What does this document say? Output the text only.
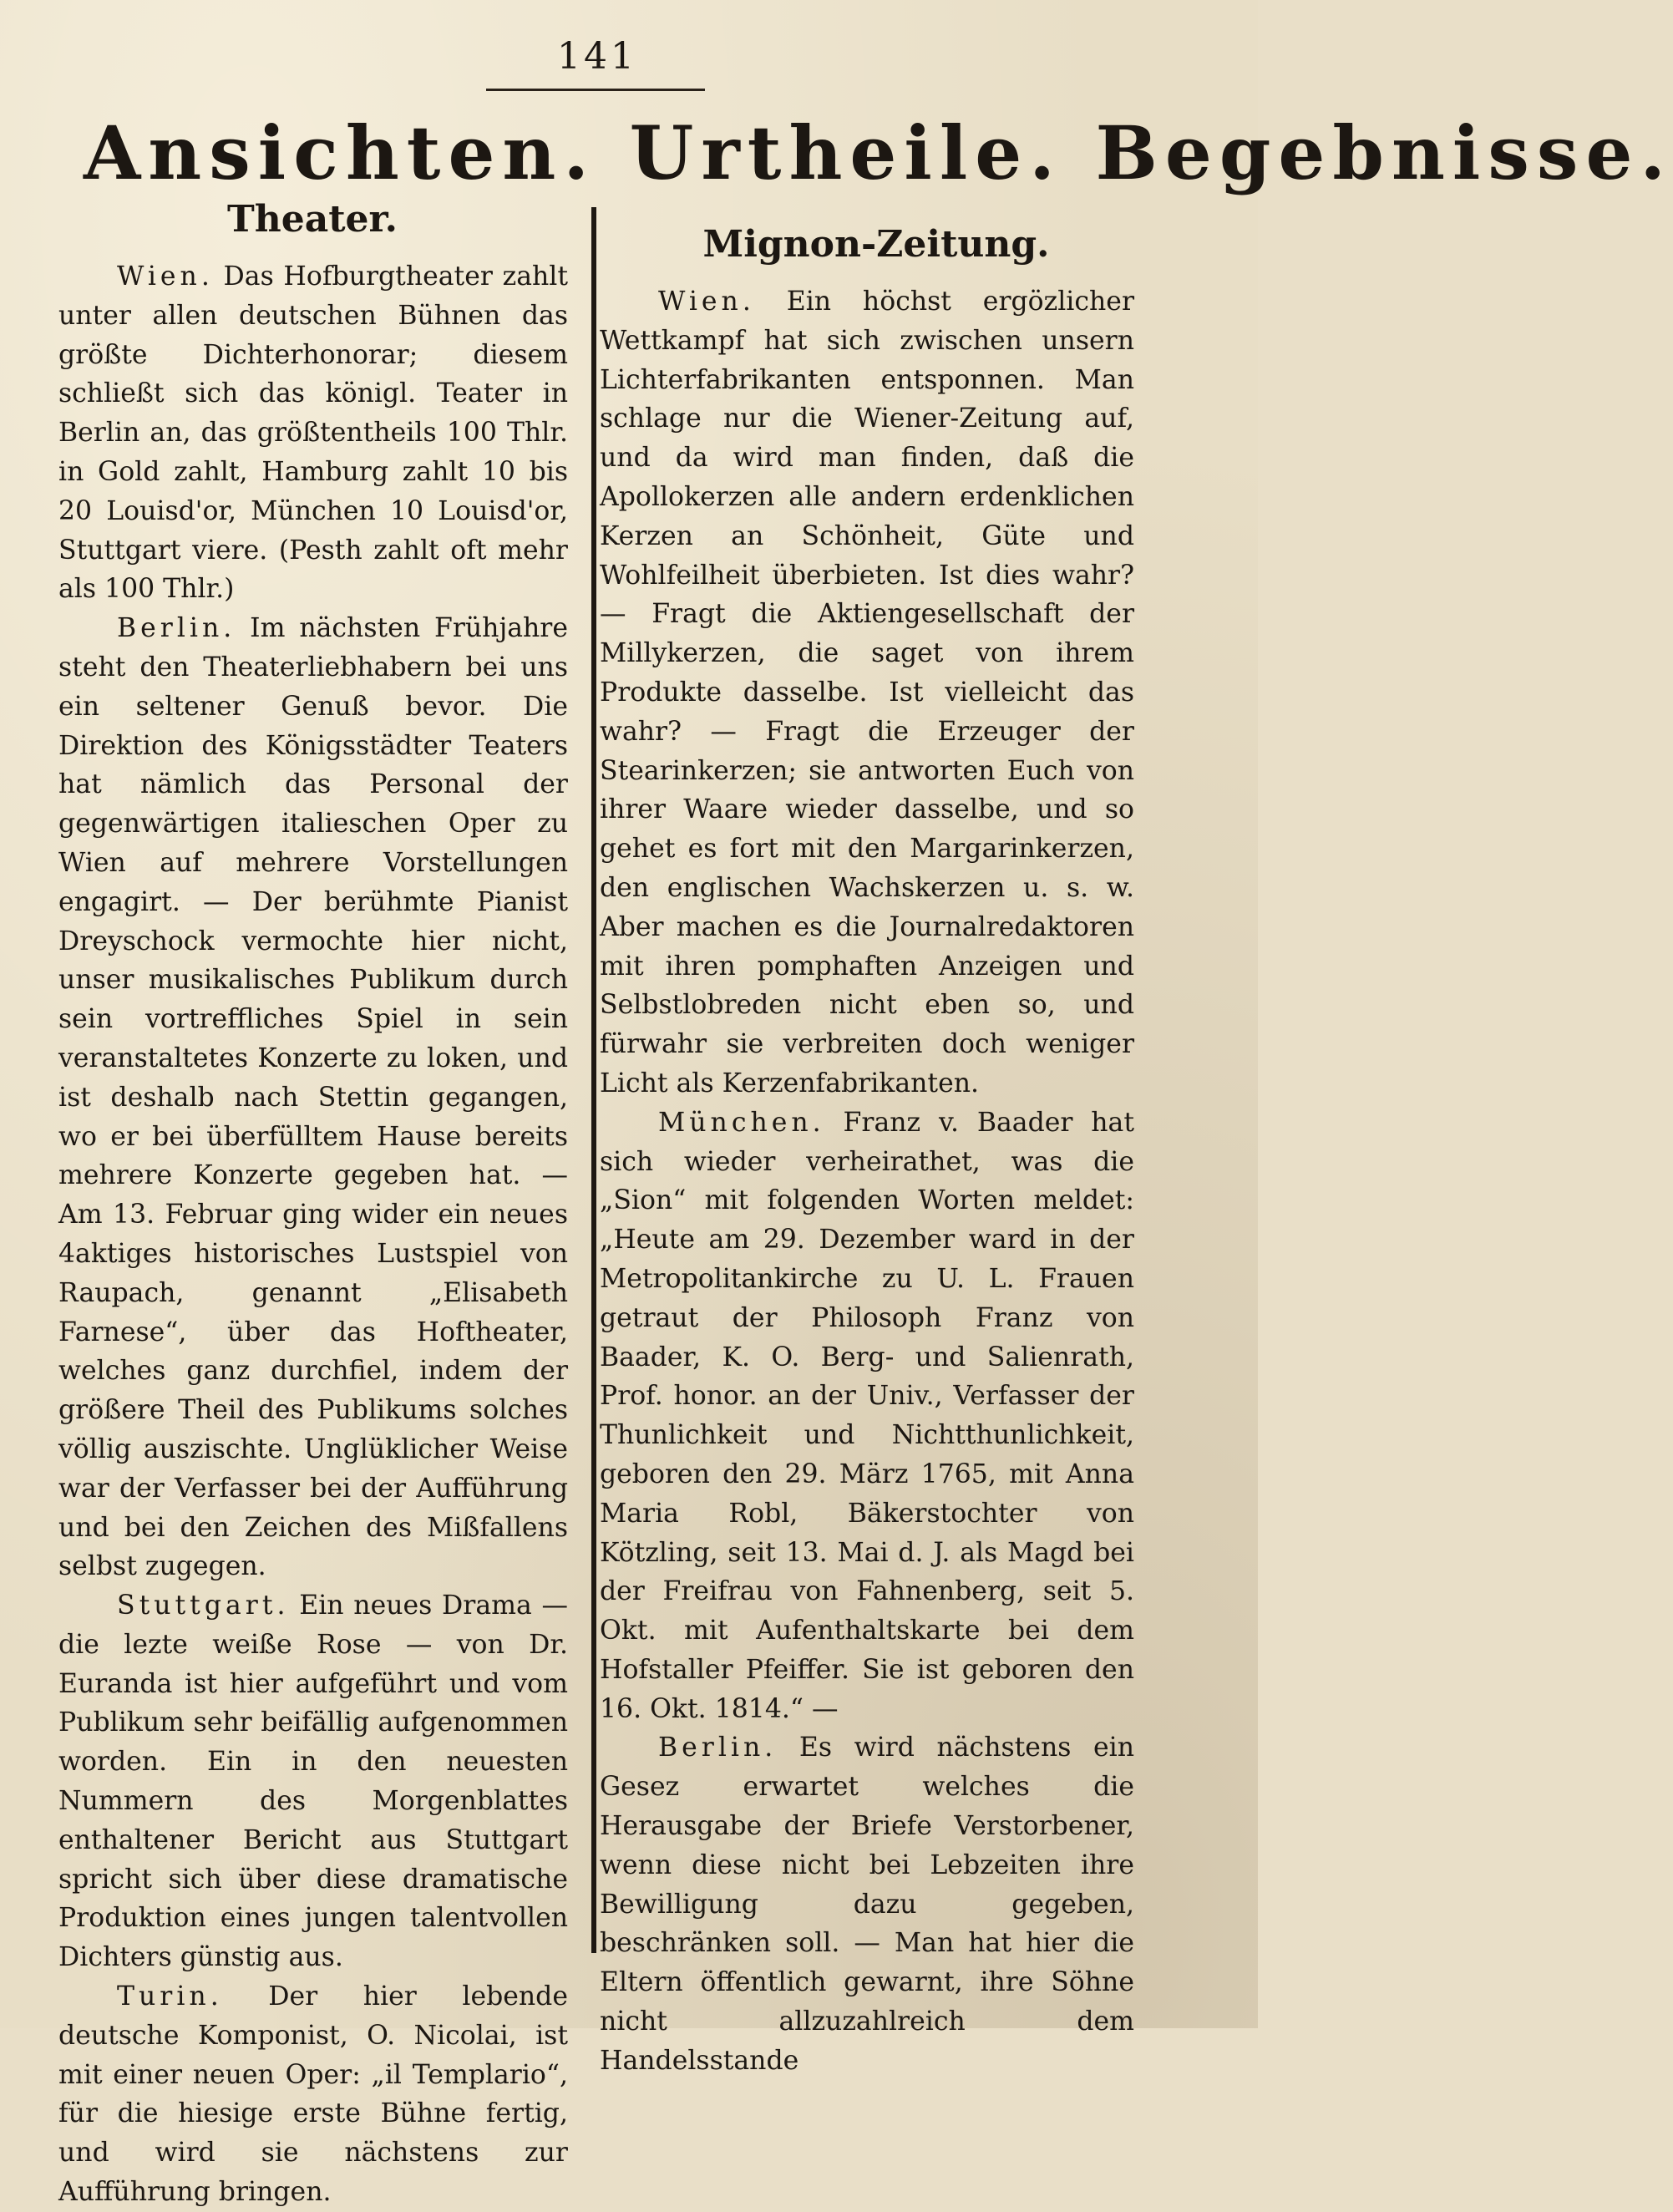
141
Ansichten. Urtheile. Begebnisse.
Theater.

Wien. Das Hofburgtheater zahlt unter allen deutschen Bühnen das größte Dichterhonorar; diesem schließt sich das königl. Teater in Berlin an, das größtentheils 100 Thlr. in Gold zahlt, Hamburg zahlt 10 bis 20 Louisd'or, München 10 Louisd'or, Stuttgart viere. (Pesth zahlt oft mehr als 100 Thlr.)

Berlin. Im nächsten Frühjahre steht den Theaterliebhabern bei uns ein seltener Genuß bevor. Die Direktion des Königsstädter Teaters hat nämlich das Personal der gegenwärtigen italieschen Oper zu Wien auf mehrere Vorstellungen engagirt. — Der berühmte Pianist Dreyschock vermochte hier nicht, unser musikalisches Publikum durch sein vortreffliches Spiel in sein veranstaltetes Konzerte zu loken, und ist deshalb nach Stettin gegangen, wo er bei überfülltem Hause bereits mehrere Konzerte gegeben hat. — Am 13. Februar ging wider ein neues 4aktiges historisches Lustspiel von Raupach, genannt „Elisabeth Farnese“, über das Hoftheater, welches ganz durchfiel, indem der größere Theil des Publikums solches völlig auszischte. Unglüklicher Weise war der Verfasser bei der Aufführung und bei den Zeichen des Mißfallens selbst zugegen.

Stuttgart. Ein neues Drama — die lezte weiße Rose — von Dr. Euranda ist hier aufgeführt und vom Publikum sehr beifällig aufgenommen worden. Ein in den neuesten Nummern des Morgenblattes enthaltener Bericht aus Stuttgart spricht sich über diese dramatische Produktion eines jungen talentvollen Dichters günstig aus.

Turin. Der hier lebende deutsche Komponist, O. Nicolai, ist mit einer neuen Oper: „il Templario“, für die hiesige erste Bühne fertig, und wird sie nächstens zur Aufführung bringen.

Mignon-Zeitung.

Wien. Ein höchst ergözlicher Wettkampf hat sich zwischen unsern Lichterfabrikanten entsponnen. Man schlage nur die Wiener-Zeitung auf, und da wird man finden, daß die Apollokerzen alle andern erdenklichen Kerzen an Schönheit, Güte und Wohlfeilheit überbieten. Ist dies wahr? — Fragt die Aktiengesellschaft der Millykerzen, die saget von ihrem Produkte dasselbe. Ist vielleicht das wahr? — Fragt die Erzeuger der Stearinkerzen; sie antworten Euch von ihrer Waare wieder dasselbe, und so gehet es fort mit den Margarinkerzen, den englischen Wachskerzen u. s. w. Aber machen es die Journalredaktoren mit ihren pomphaften Anzeigen und Selbstlobreden nicht eben so, und fürwahr sie verbreiten doch weniger Licht als Kerzenfabrikanten.

München. Franz v. Baader hat sich wieder verheirathet, was die „Sion“ mit folgenden Worten meldet: „Heute am 29. Dezember ward in der Metropolitankirche zu U. L. Frauen getraut der Philosoph Franz von Baader, K. O. Berg- und Salienrath, Prof. honor. an der Univ., Verfasser der Thunlichkeit und Nichtthunlichkeit, geboren den 29. März 1765, mit Anna Maria Robl, Bäkerstochter von Kötzling, seit 13. Mai d. J. als Magd bei der Freifrau von Fahnenberg, seit 5. Okt. mit Aufenthaltskarte bei dem Hofstaller Pfeiffer. Sie ist geboren den 16. Okt. 1814.“ —

Berlin. Es wird nächstens ein Gesez erwartet welches die Herausgabe der Briefe Verstorbener, wenn diese nicht bei Lebzeiten ihre Bewilligung dazu gegeben, beschränken soll. — Man hat hier die Eltern öffentlich gewarnt, ihre Söhne nicht allzuzahlreich dem Handelsstande
